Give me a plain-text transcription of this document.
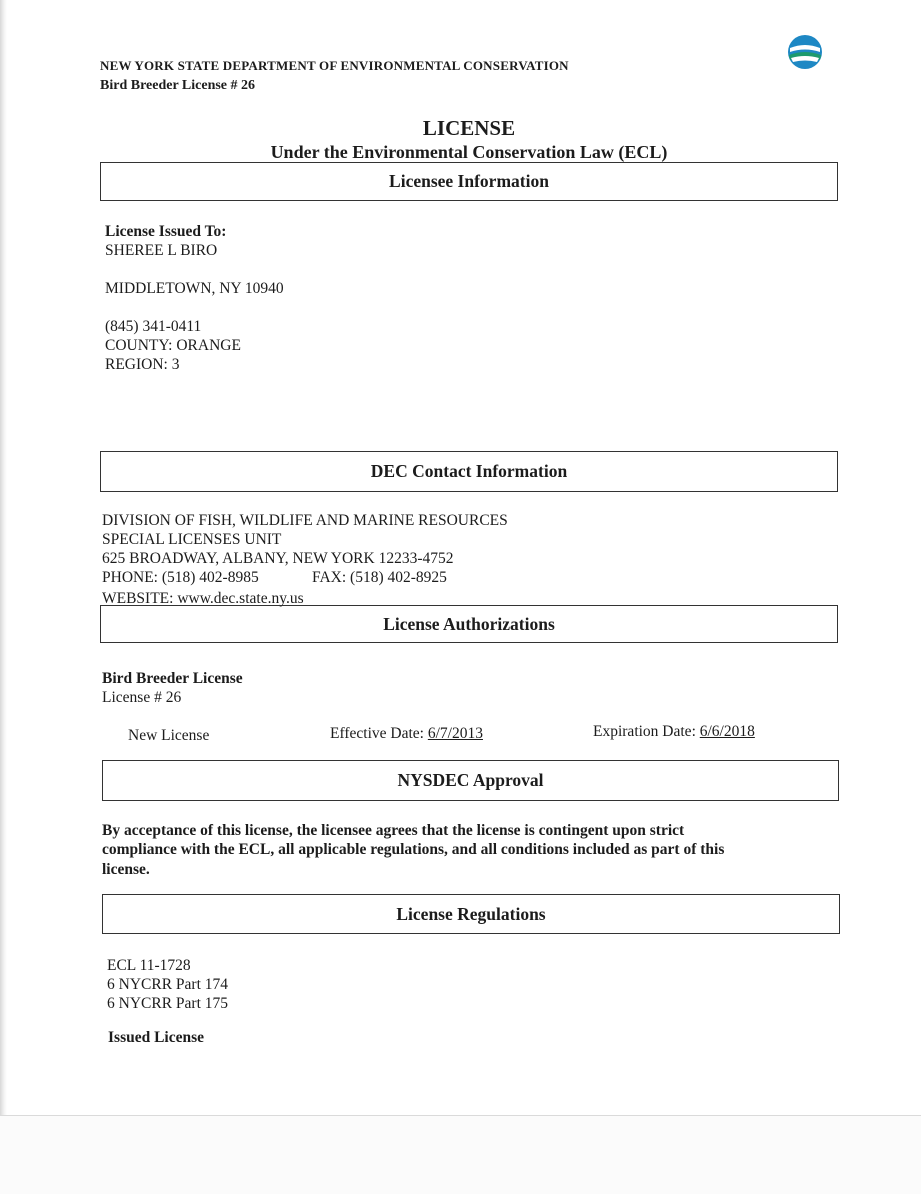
NEW YORK STATE DEPARTMENT OF ENVIRONMENTAL CONSERVATION
Bird Breeder License # 26
LICENSE
Under the Environmental Conservation Law (ECL)
Licensee Information
License Issued To:
SHEREE L BIRO
MIDDLETOWN, NY 10940
(845) 341-0411
COUNTY: ORANGE
REGION: 3
DEC Contact Information
DIVISION OF FISH, WILDLIFE AND MARINE RESOURCES
SPECIAL LICENSES UNIT
625 BROADWAY, ALBANY, NEW YORK 12233-4752
PHONE: (518) 402-8985	FAX: (518) 402-8925
WEBSITE: www.dec.state.ny.us
License Authorizations
Bird Breeder License
License # 26
New License	Effective Date: 6/7/2013	Expiration Date: 6/6/2018
NYSDEC Approval
By acceptance of this license, the licensee agrees that the license is contingent upon strict
compliance with the ECL, all applicable regulations, and all conditions included as part of this
license.
License Regulations
ECL 11-1728
6 NYCRR Part 174
6 NYCRR Part 175
Issued License
